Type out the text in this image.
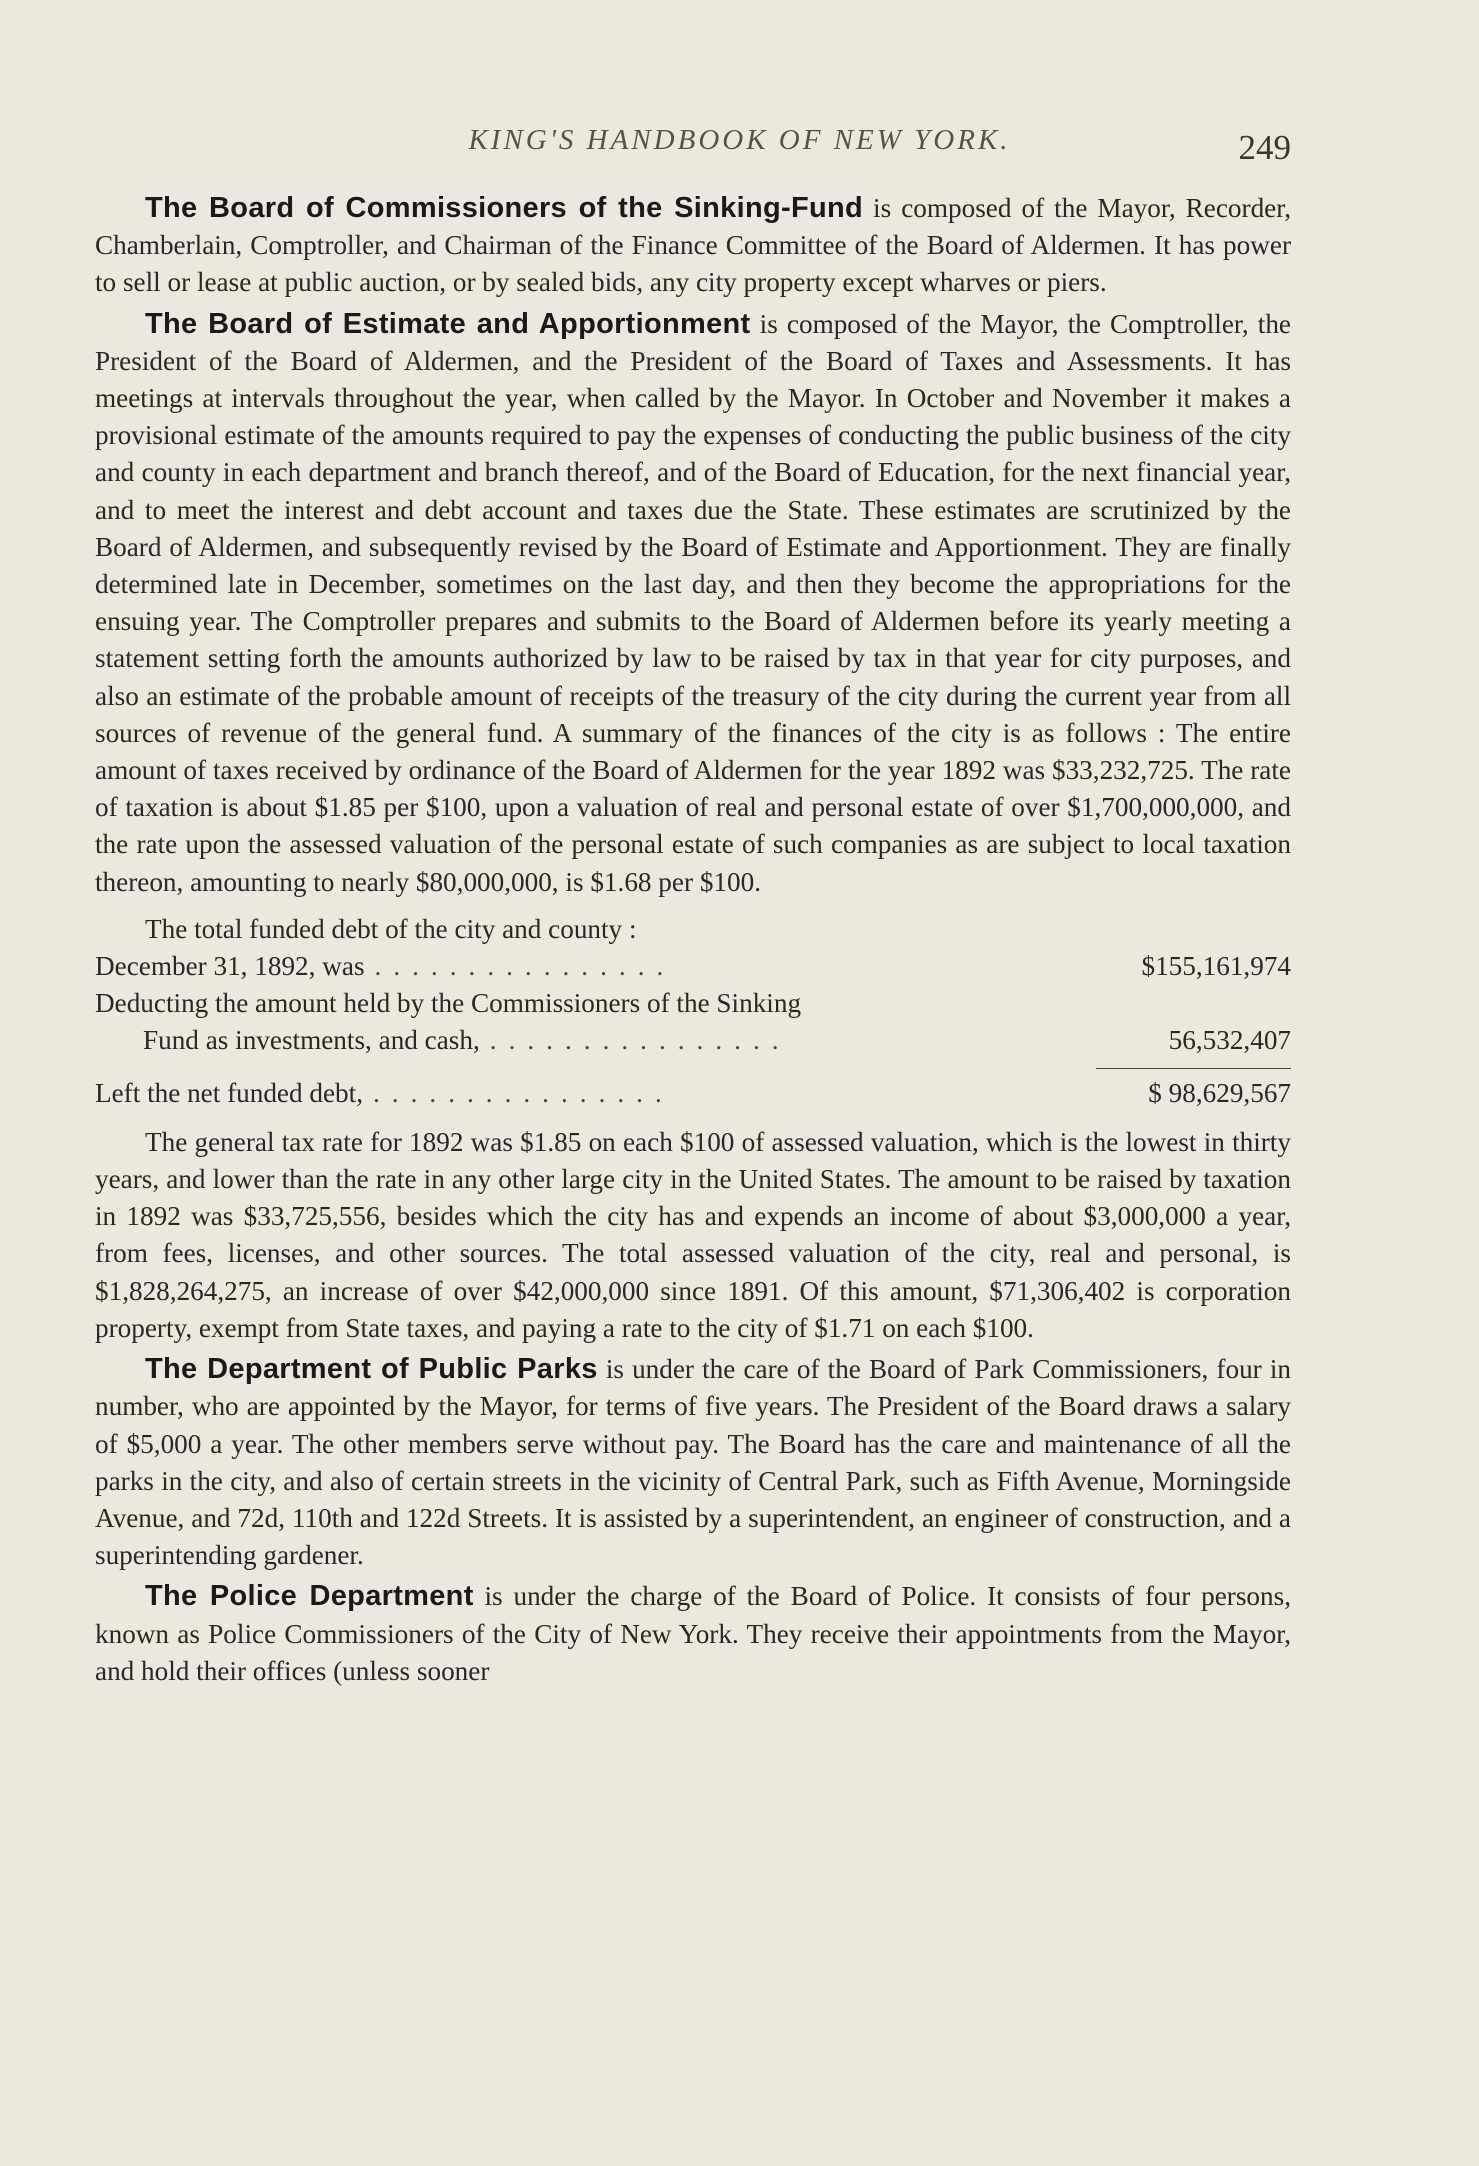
KING'S HANDBOOK OF NEW YORK.	249

The Board of Commissioners of the Sinking-Fund is composed of the Mayor, Recorder, Chamberlain, Comptroller, and Chairman of the Finance Committee of the Board of Aldermen. It has power to sell or lease at public auction, or by sealed bids, any city property except wharves or piers.

The Board of Estimate and Apportionment is composed of the Mayor, the Comptroller, the President of the Board of Aldermen, and the President of the Board of Taxes and Assessments. It has meetings at intervals throughout the year, when called by the Mayor. In October and November it makes a provisional estimate of the amounts required to pay the expenses of conducting the public business of the city and county in each department and branch thereof, and of the Board of Education, for the next financial year, and to meet the interest and debt account and taxes due the State. These estimates are scrutinized by the Board of Aldermen, and subsequently revised by the Board of Estimate and Apportionment. They are finally determined late in December, sometimes on the last day, and then they become the appropriations for the ensuing year. The Comptroller prepares and submits to the Board of Aldermen before its yearly meeting a statement setting forth the amounts authorized by law to be raised by tax in that year for city purposes, and also an estimate of the probable amount of receipts of the treasury of the city during the current year from all sources of revenue of the general fund. A summary of the finances of the city is as follows : The entire amount of taxes received by ordinance of the Board of Aldermen for the year 1892 was $33,232,725. The rate of taxation is about $1.85 per $100, upon a valuation of real and personal estate of over $1,700,000,000, and the rate upon the assessed valuation of the personal estate of such companies as are subject to local taxation thereon, amounting to nearly $80,000,000, is $1.68 per $100.

The total funded debt of the city and county :

December 31, 1892, was ................	$155,161,974
Deducting the amount held by the Commissioners of the Sinking
Fund as investments, and cash, ................	56,532,407
Left the net funded debt, ................	$ 98,629,567

The general tax rate for 1892 was $1.85 on each $100 of assessed valuation, which is the lowest in thirty years, and lower than the rate in any other large city in the United States. The amount to be raised by taxation in 1892 was $33,725,556, besides which the city has and expends an income of about $3,000,000 a year, from fees, licenses, and other sources. The total assessed valuation of the city, real and personal, is $1,828,264,275, an increase of over $42,000,000 since 1891. Of this amount, $71,306,402 is corporation property, exempt from State taxes, and paying a rate to the city of $1.71 on each $100.

The Department of Public Parks is under the care of the Board of Park Commissioners, four in number, who are appointed by the Mayor, for terms of five years. The President of the Board draws a salary of $5,000 a year. The other members serve without pay. The Board has the care and maintenance of all the parks in the city, and also of certain streets in the vicinity of Central Park, such as Fifth Avenue, Morningside Avenue, and 72d, 110th and 122d Streets. It is assisted by a superintendent, an engineer of construction, and a superintending gardener.

The Police Department is under the charge of the Board of Police. It consists of four persons, known as Police Commissioners of the City of New York. They receive their appointments from the Mayor, and hold their offices (unless sooner
